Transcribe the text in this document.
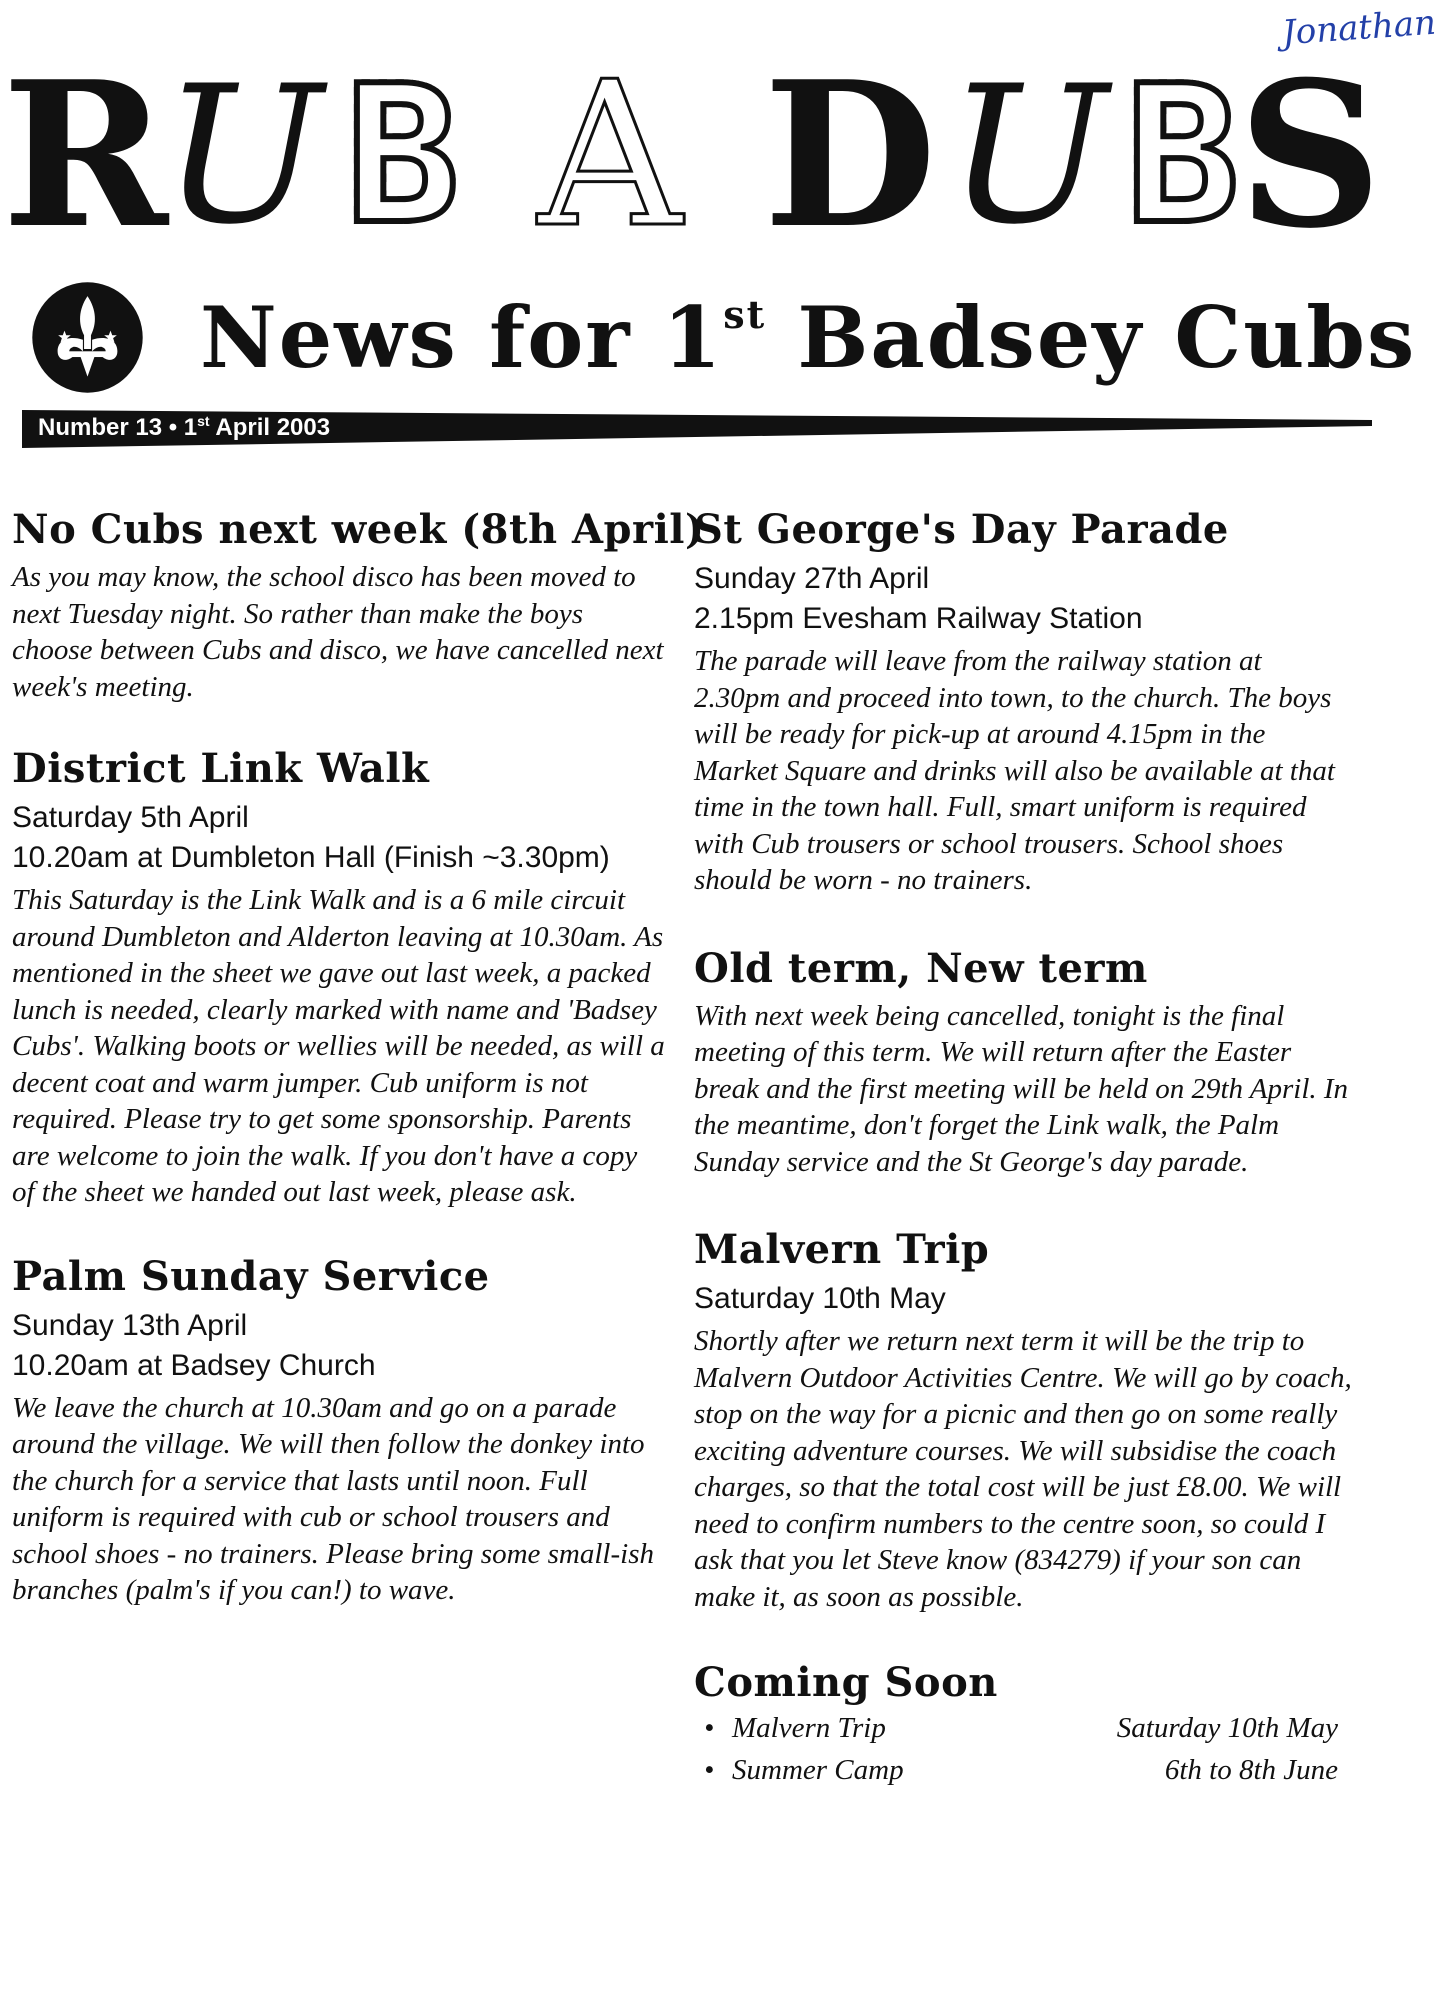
Jonathan
R
U B A D U B
S
News for 1st Badsey Cubs
Number 13 • 1st April 2003
No Cubs next week (8th April)

As you may know, the school disco has been moved to next Tuesday night. So rather than make the boys choose between Cubs and disco, we have cancelled next week's meeting.

District Link Walk

Saturday 5th April

10.20am at Dumbleton Hall (Finish ~3.30pm)

This Saturday is the Link Walk and is a 6 mile circuit around Dumbleton and Alderton leaving at 10.30am. As mentioned in the sheet we gave out last week, a packed lunch is needed, clearly marked with name and 'Badsey Cubs'. Walking boots or wellies will be needed, as will a decent coat and warm jumper. Cub uniform is not required. Please try to get some sponsorship. Parents are welcome to join the walk. If you don't have a copy of the sheet we handed out last week, please ask.

Palm Sunday Service

Sunday 13th April

10.20am at Badsey Church

We leave the church at 10.30am and go on a parade around the village. We will then follow the donkey into the church for a service that lasts until noon. Full uniform is required with cub or school trousers and school shoes - no trainers. Please bring some small-ish branches (palm's if you can!) to wave.

St George's Day Parade

Sunday 27th April

2.15pm Evesham Railway Station

The parade will leave from the railway station at 2.30pm and proceed into town, to the church. The boys will be ready for pick-up at around 4.15pm in the Market Square and drinks will also be available at that time in the town hall. Full, smart uniform is required with Cub trousers or school trousers. School shoes should be worn - no trainers.

Old term, New term

With next week being cancelled, tonight is the final meeting of this term. We will return after the Easter break and the first meeting will be held on 29th April. In the meantime, don't forget the Link walk, the Palm Sunday service and the St George's day parade.

Malvern Trip

Saturday 10th May

Shortly after we return next term it will be the trip to Malvern Outdoor Activities Centre. We will go by coach, stop on the way for a picnic and then go on some really exciting adventure courses. We will subsidise the coach charges, so that the total cost will be just £8.00. We will need to confirm numbers to the centre soon, so could I ask that you let Steve know (834279) if your son can make it, as soon as possible.

Coming Soon
• Malvern Trip	Saturday 10th May
• Summer Camp	6th to 8th June
